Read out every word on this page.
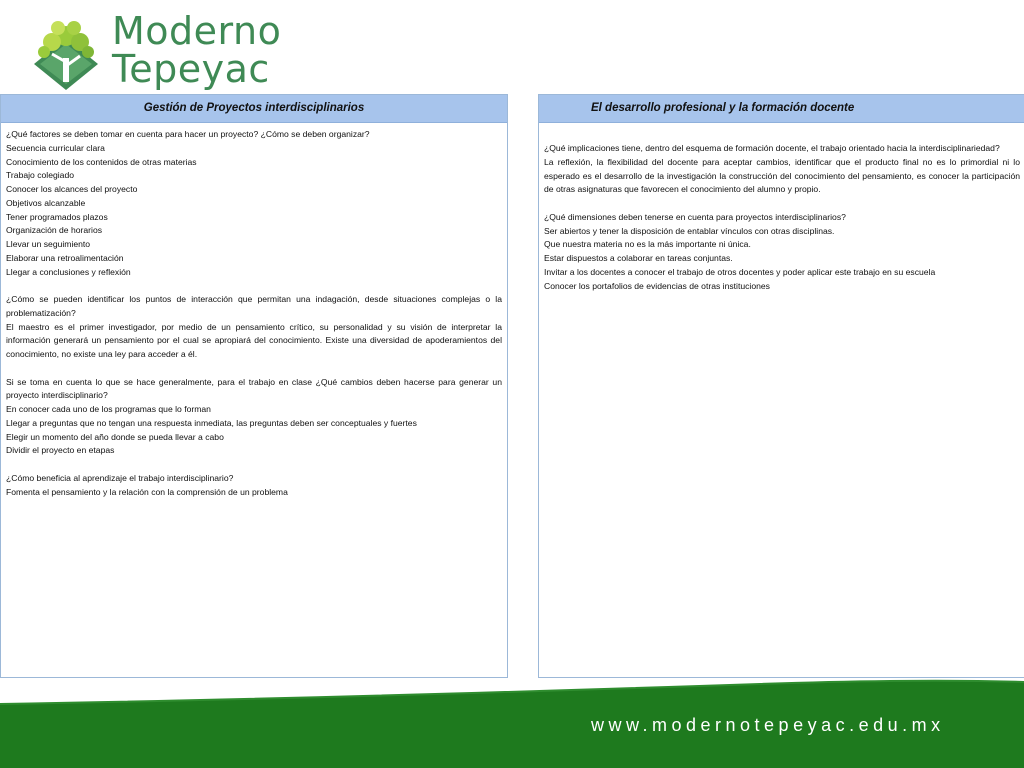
Moderno
Tepeyac
Gestión de Proyectos interdisciplinarios
¿Qué factores se deben tomar en cuenta para hacer un proyecto? ¿Cómo se deben organizar?
Secuencia curricular clara
Conocimiento de los contenidos de otras materias
Trabajo colegiado
Conocer los alcances del proyecto
Objetivos alcanzable
Tener programados plazos
Organización de horarios
Llevar un seguimiento
Elaborar una retroalimentación
Llegar a conclusiones y reflexión
¿Cómo se pueden identificar los puntos de interacción que permitan una indagación, desde situaciones complejas o la problematización?
El maestro es el primer investigador, por medio de un pensamiento crítico, su personalidad y su visión de interpretar la información generará un pensamiento por el cual se apropiará del conocimiento. Existe una diversidad de apoderamientos del conocimiento, no existe una ley para acceder a él.
Si se toma en cuenta lo que se hace generalmente, para el trabajo en clase ¿Qué cambios deben hacerse para generar un proyecto interdisciplinario?
En conocer cada uno de los programas que lo forman
Llegar a preguntas que no tengan una respuesta inmediata, las preguntas deben ser conceptuales y fuertes
Elegir un momento del año donde se pueda llevar a cabo
Dividir el proyecto en etapas
¿Cómo beneficia al aprendizaje el trabajo interdisciplinario?
Fomenta el pensamiento y la relación con la comprensión de un problema
El desarrollo profesional y la formación docente
¿Qué implicaciones tiene, dentro del esquema de formación docente, el trabajo orientado hacia la interdisciplinariedad?
La reflexión, la flexibilidad del docente para aceptar cambios, identificar que el producto final no es lo primordial ni lo esperado es el desarrollo de la investigación la construcción del conocimiento del pensamiento, es conocer la participación de otras asignaturas que favorecen el conocimiento del alumno y propio.
¿Qué dimensiones deben tenerse en cuenta para proyectos interdisciplinarios?
Ser abiertos y tener la disposición de entablar vínculos con otras disciplinas.
Que nuestra materia no es la más importante ni única.
Estar dispuestos a colaborar en tareas conjuntas.
Invitar a los docentes a conocer el trabajo de otros docentes y poder aplicar este trabajo en su escuela
Conocer los portafolios de evidencias de otras instituciones
www.modernotepeyac.edu.mx
